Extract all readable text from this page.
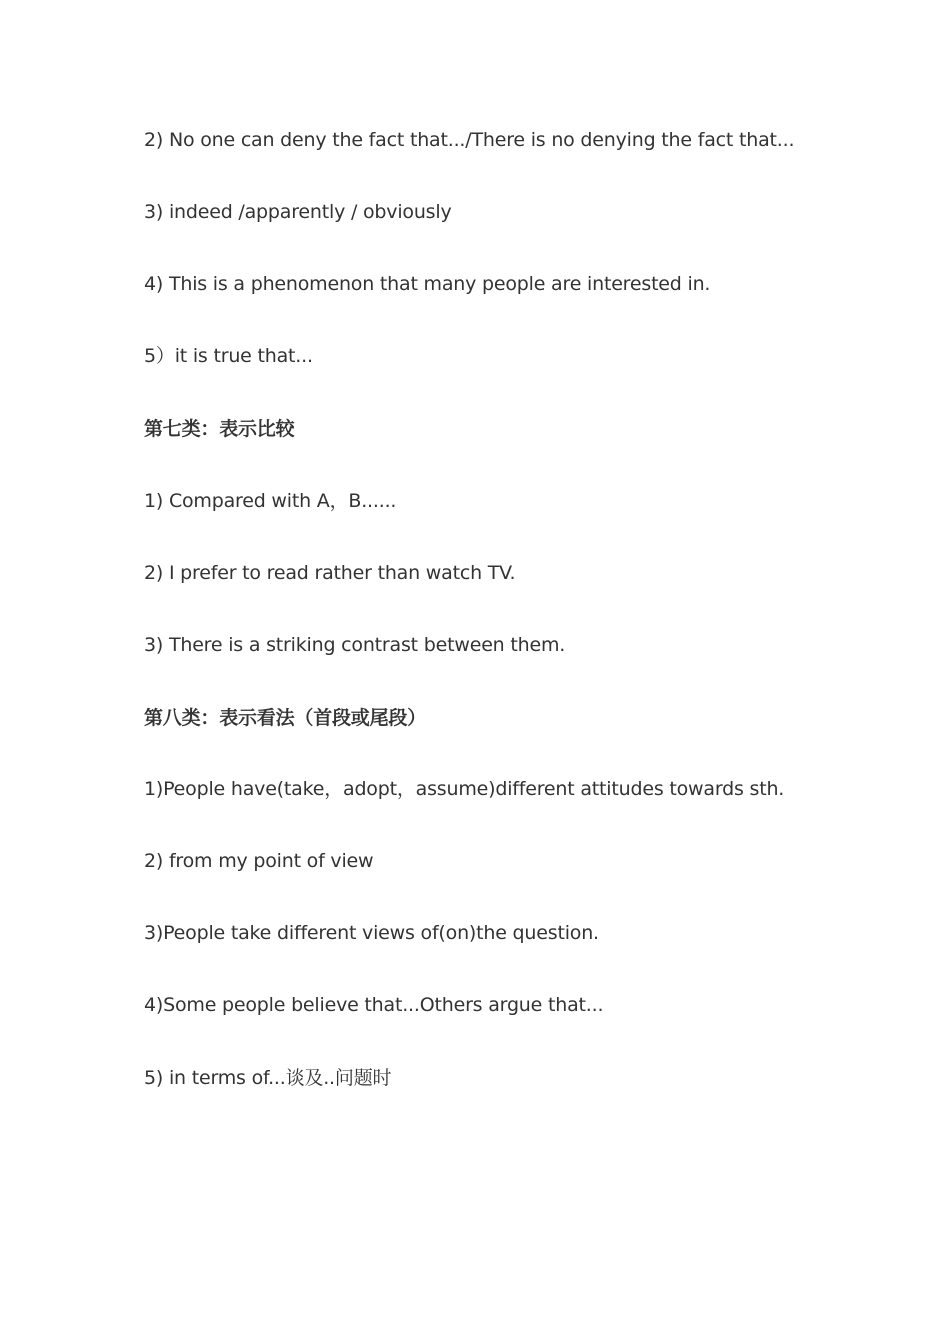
2) No one can deny the fact that.../There is no denying the fact that...
3) indeed /apparently / obviously
4) This is a phenomenon that many people are interested in.
5）it is true that...
第七类：表示比较
1) Compared with A，B......
2) I prefer to read rather than watch TV.
3) There is a striking contrast between them.
第八类：表示看法（首段或尾段）
1)People have(take，adopt，assume)different attitudes towards sth.
2) from my point of view
3)People take different views of(on)the question.
4)Some people believe that...Others argue that...
5) in terms of...谈及..问题时
